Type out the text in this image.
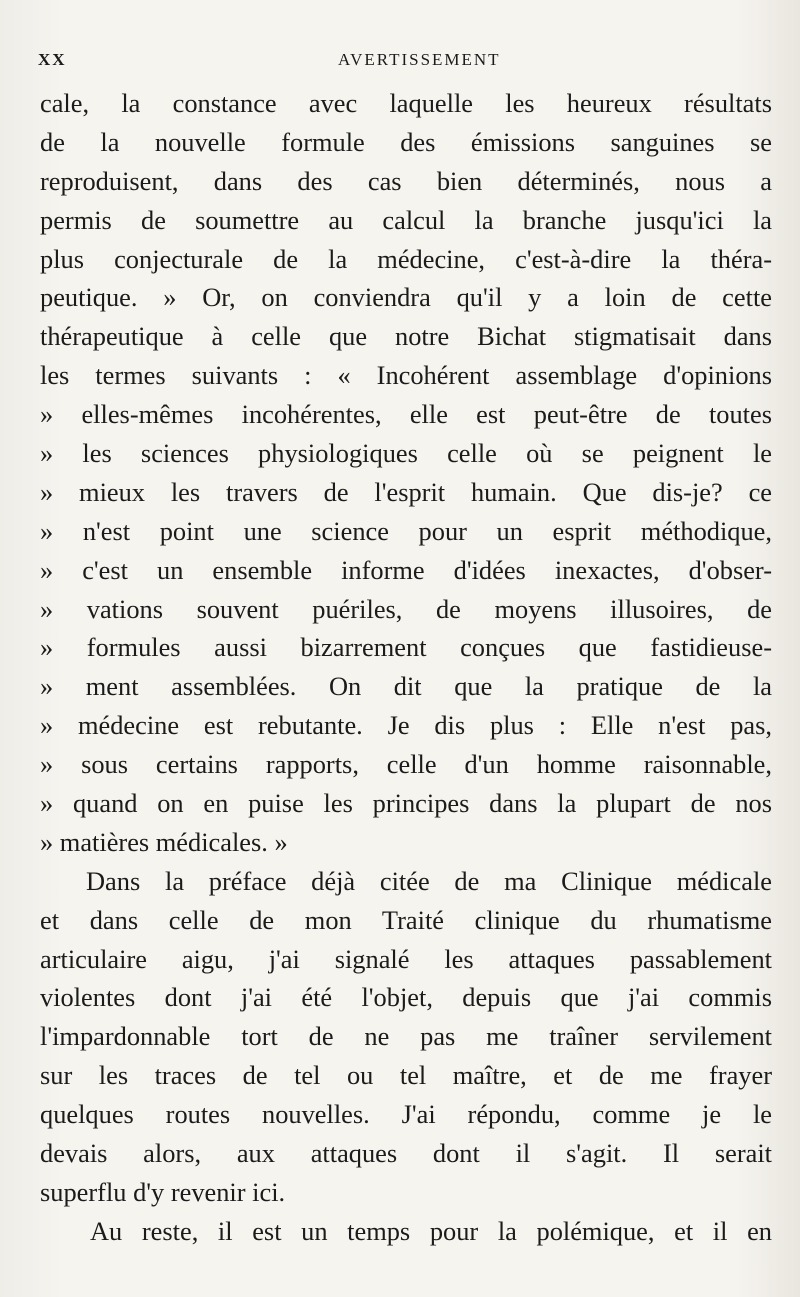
XX	AVERTISSEMENT
cale, la constance avec laquelle les heureux résultats
de la nouvelle formule des émissions sanguines se
reproduisent, dans des cas bien déterminés, nous a
permis de soumettre au calcul la branche jusqu'ici la
plus conjecturale de la médecine, c'est-à-dire la théra-
peutique. » Or, on conviendra qu'il y a loin de cette
thérapeutique à celle que notre Bichat stigmatisait dans
les termes suivants : « Incohérent assemblage d'opinions
» elles-mêmes incohérentes, elle est peut-être de toutes
» les sciences physiologiques celle où se peignent le
» mieux les travers de l'esprit humain. Que dis-je? ce
» n'est point une science pour un esprit méthodique,
» c'est un ensemble informe d'idées inexactes, d'obser-
» vations souvent puériles, de moyens illusoires, de
» formules aussi bizarrement conçues que fastidieuse-
» ment assemblées. On dit que la pratique de la
» médecine est rebutante. Je dis plus : Elle n'est pas,
» sous certains rapports, celle d'un homme raisonnable,
» quand on en puise les principes dans la plupart de nos
» matières médicales. »
Dans la préface déjà citée de ma Clinique médicale
et dans celle de mon Traité clinique du rhumatisme
articulaire aigu, j'ai signalé les attaques passablement
violentes dont j'ai été l'objet, depuis que j'ai commis
l'impardonnable tort de ne pas me traîner servilement
sur les traces de tel ou tel maître, et de me frayer
quelques routes nouvelles. J'ai répondu, comme je le
devais alors, aux attaques dont il s'agit. Il serait
superflu d'y revenir ici.
Au reste, il est un temps pour la polémique, et il en
